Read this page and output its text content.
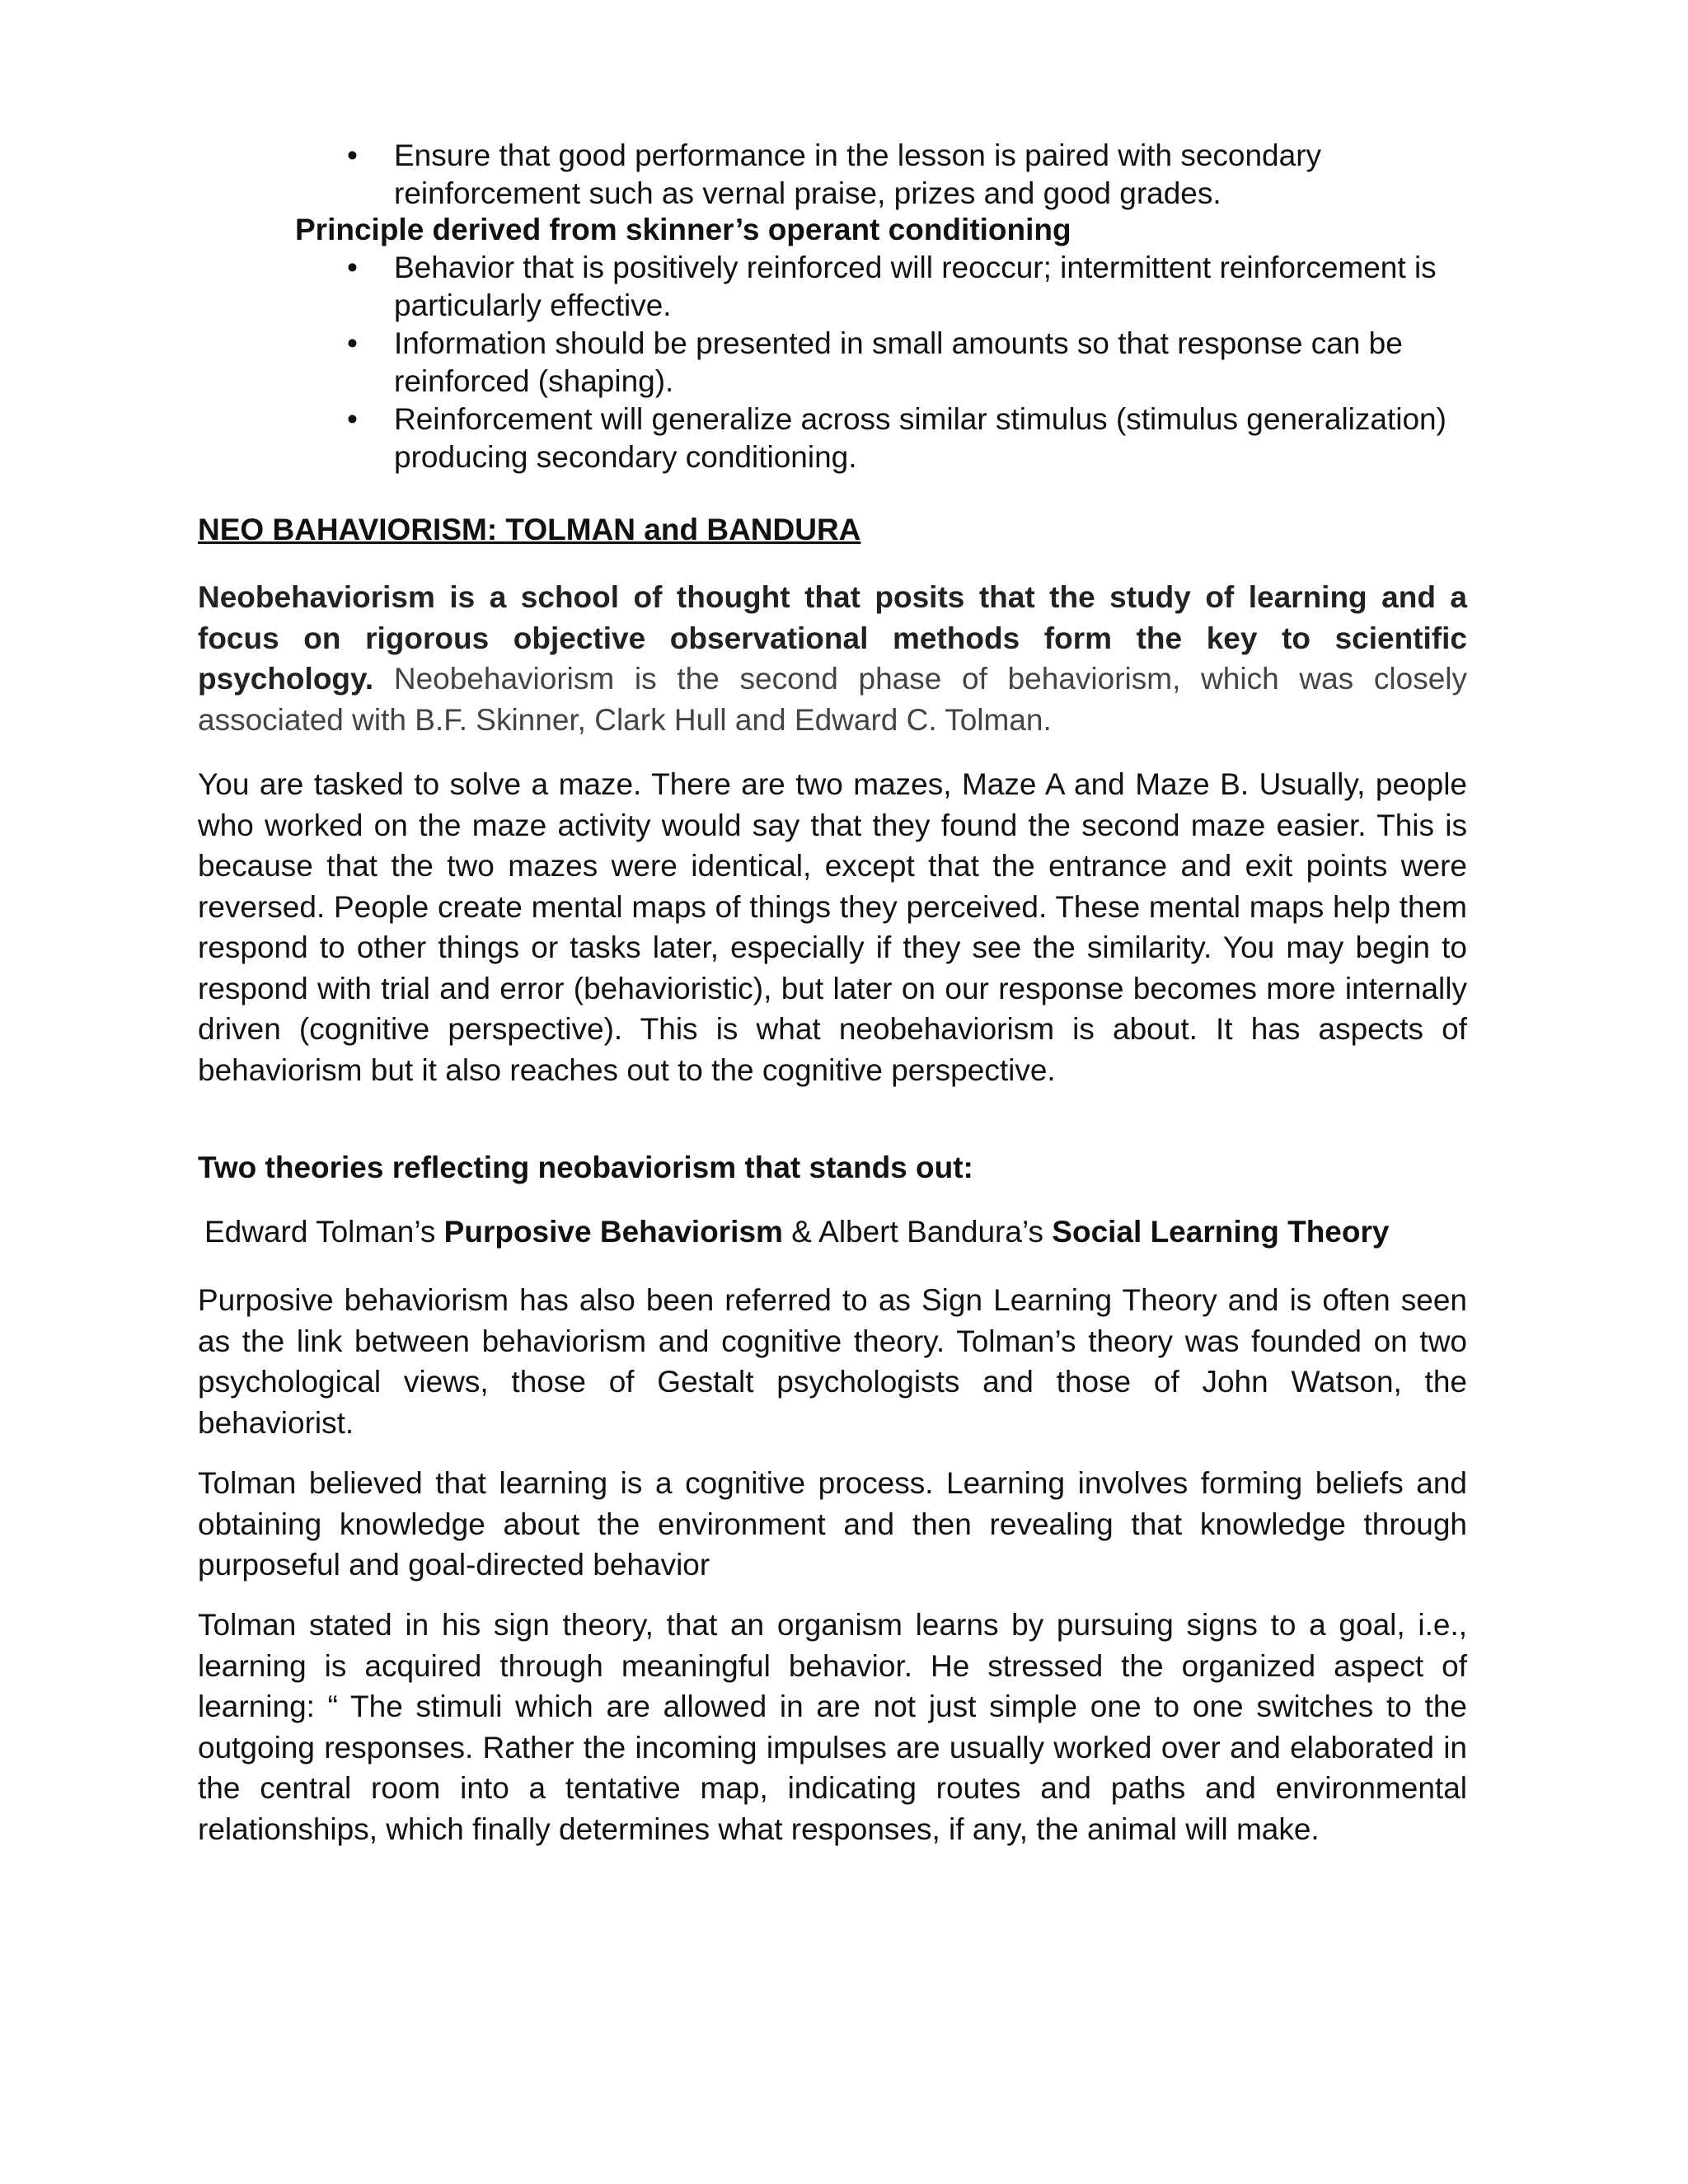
• Ensure that good performance in the lesson is paired with secondary reinforcement such as vernal praise, prizes and good grades.

Principle derived from skinner’s operant conditioning

• Behavior that is positively reinforced will reoccur; intermittent reinforcement is particularly effective.
• Information should be presented in small amounts so that response can be reinforced (shaping).
• Reinforcement will generalize across similar stimulus (stimulus generalization) producing secondary conditioning.

NEO BAHAVIORISM: TOLMAN and BANDURA

Neobehaviorism is a school of thought that posits that the study of learning and a focus on rigorous objective observational methods form the key to scientific psychology. Neobehaviorism is the second phase of behaviorism, which was closely associated with B.F. Skinner, Clark Hull and Edward C. Tolman.

You are tasked to solve a maze. There are two mazes, Maze A and Maze B. Usually, people who worked on the maze activity would say that they found the second maze easier. This is because that the two mazes were identical, except that the entrance and exit points were reversed. People create mental maps of things they perceived. These mental maps help them respond to other things or tasks later, especially if they see the similarity. You may begin to respond with trial and error (behavioristic), but later on our response becomes more internally driven (cognitive perspective). This is what neobehaviorism is about. It has aspects of behaviorism but it also reaches out to the cognitive perspective.

Two theories reflecting neobaviorism that stands out:

Edward Tolman’s Purposive Behaviorism & Albert Bandura’s Social Learning Theory

Purposive behaviorism has also been referred to as Sign Learning Theory and is often seen as the link between behaviorism and cognitive theory. Tolman’s theory was founded on two psychological views, those of Gestalt psychologists and those of John Watson, the behaviorist.

Tolman believed that learning is a cognitive process. Learning involves forming beliefs and obtaining knowledge about the environment and then revealing that knowledge through purposeful and goal-directed behavior

Tolman stated in his sign theory, that an organism learns by pursuing signs to a goal, i.e., learning is acquired through meaningful behavior. He stressed the organized aspect of learning: “ The stimuli which are allowed in are not just simple one to one switches to the outgoing responses. Rather the incoming impulses are usually worked over and elaborated in the central room into a tentative map, indicating routes and paths and environmental relationships, which finally determines what responses, if any, the animal will make.
